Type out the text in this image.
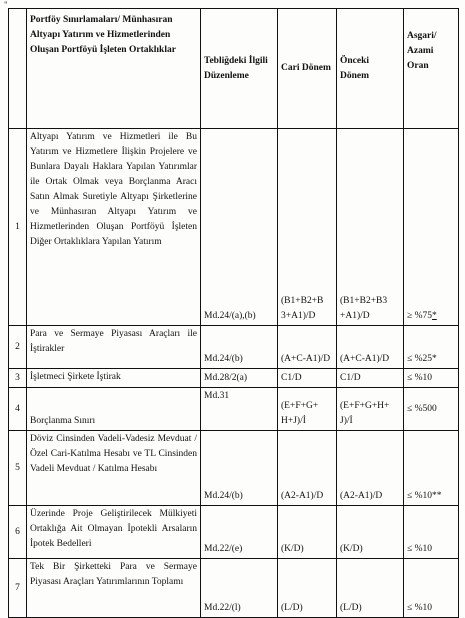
"
	Portföy Sınırlamaları/ Münhasıran Altyapı Yatırım ve Hizmetlerinden Oluşan Portföyü İşleten Ortaklıklar	Tebliğdeki İlgili Düzenleme	Cari Dönem	Önceki Dönem	Asgari/ Azami Oran
1	Altyapı Yatırım ve Hizmetleri ile Bu Yatırım ve Hizmetlere İlişkin Projelere ve Bunlara Dayalı Haklara Yapılan Yatırımlar ile Ortak Olmak veya Borçlanma Aracı Satın Almak Suretiyle Altyapı Şirketlerine ve Münhasıran Altyapı Yatırım ve Hizmetlerinden Oluşan Portföyü İşleten Diğer Ortaklıklara Yapılan Yatırım	Md.24/(a),(b)	(B1+B2+B 3+A1)/D	(B1+B2+B3 +A1)/D	≥ %75*
2	Para ve Sermaye Piyasası Araçları ile İştirakler	Md.24/(b)	(A+C-A1)/D	(A+C-A1)/D	≤ %25*
3	İşletmeci Şirkete İştirak	Md.28/2(a)	C1/D	C1/D	≤ %10
4	Borçlanma Sınırı	Md.31	(E+F+G+ H+J)/İ	(E+F+G+H+ J)/İ	≤ %500
5	Döviz Cinsinden Vadeli-Vadesiz Mevduat / Özel Cari-Katılma Hesabı ve TL Cinsinden Vadeli Mevduat / Katılma Hesabı	Md.24/(b)	(A2-A1)/D	(A2-A1)/D	≤ %10**
6	Üzerinde Proje Geliştirilecek Mülkiyeti Ortaklığa Ait Olmayan İpotekli Arsaların İpotek Bedelleri	Md.22/(e)	(K/D)	(K/D)	≤ %10
7	Tek Bir Şirketteki Para ve Sermaye Piyasası Araçları Yatırımlarının Toplamı	Md.22/(l)	(L/D)	(L/D)	≤ %10
